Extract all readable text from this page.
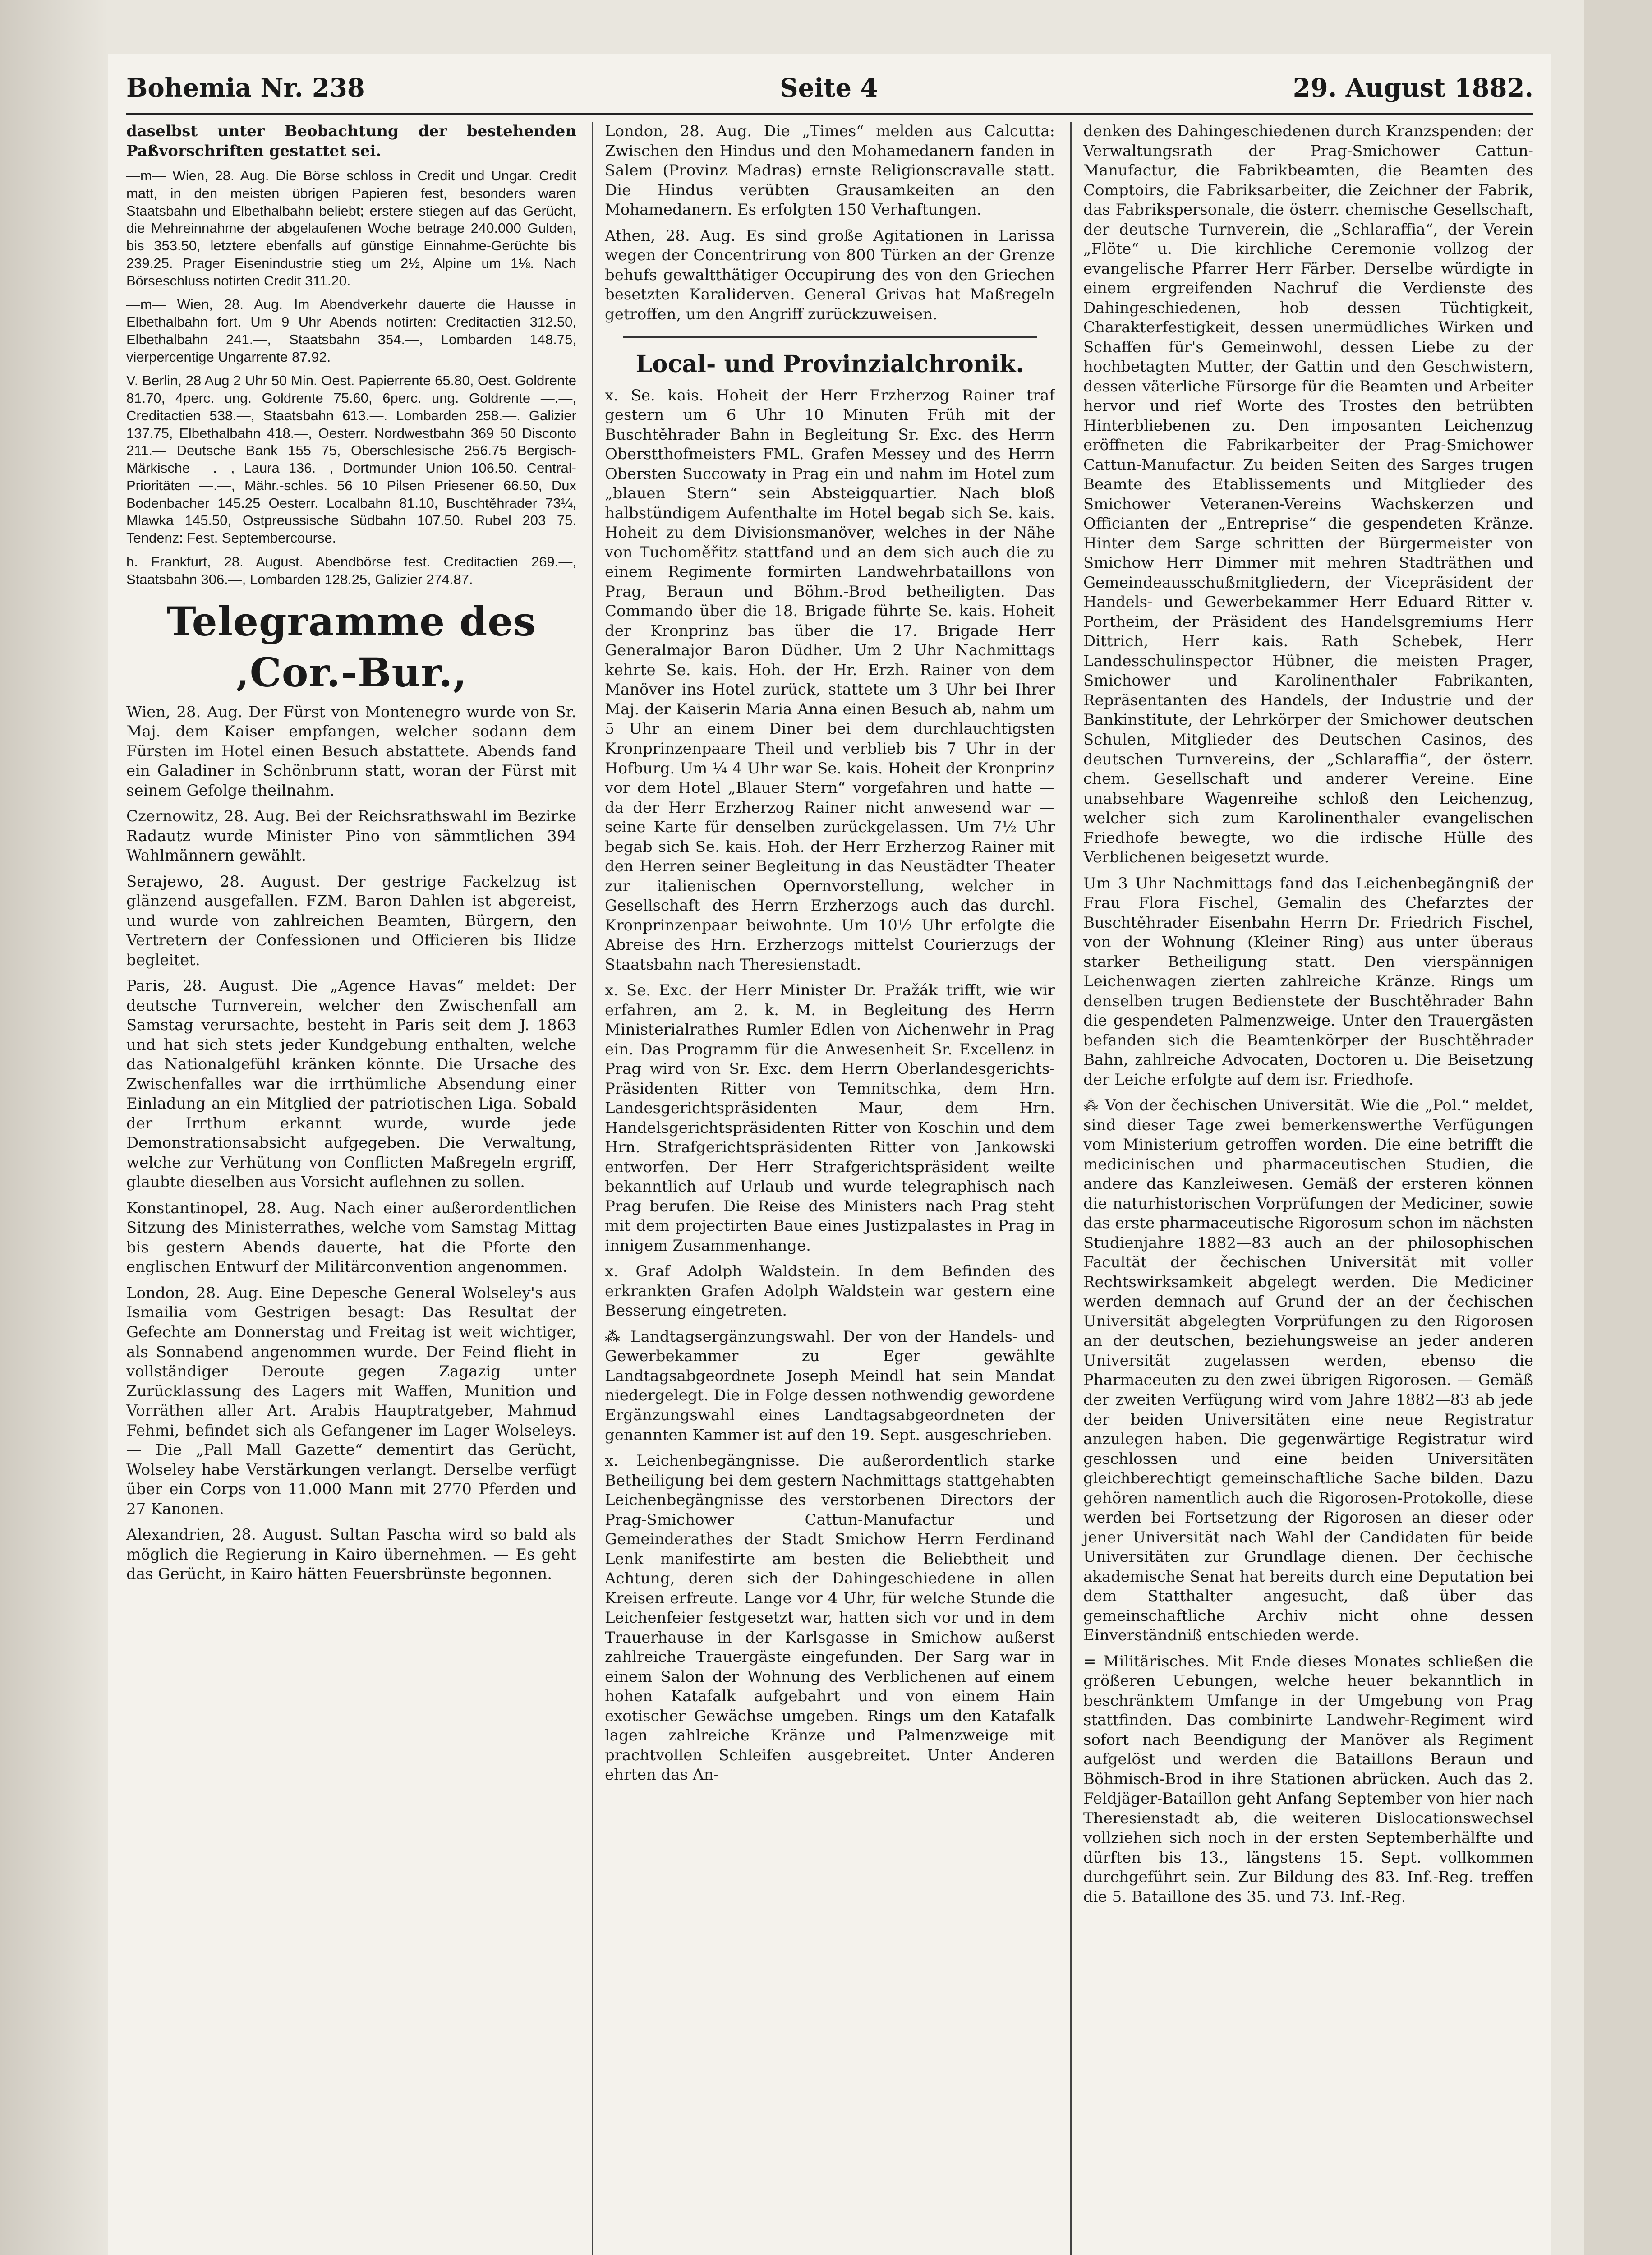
Bohemia Nr. 238	Seite 4	29. August 1882.

daselbst unter Beobachtung der bestehenden Paßvorschriften gestattet sei.

—m— Wien, 28. Aug. Die Börse schloss in Credit und Ungar. Credit matt, in den meisten übrigen Papieren fest, besonders waren Staatsbahn und Elbethalbahn beliebt; erstere stiegen auf das Gerücht, die Mehreinnahme der abgelaufenen Woche betrage 240.000 Gulden, bis 353.50, letztere ebenfalls auf günstige Einnahme-Gerüchte bis 239.25. Prager Eisenindustrie stieg um 2½, Alpine um 1⅛. Nach Börseschluss notirten Credit 311.20.

—m— Wien, 28. Aug. Im Abendverkehr dauerte die Hausse in Elbethalbahn fort. Um 9 Uhr Abends notirten: Creditactien 312.50, Elbethalbahn 241.—, Staatsbahn 354.—, Lombarden 148.75, vierpercentige Ungarrente 87.92.

V. Berlin, 28 Aug 2 Uhr 50 Min. Oest. Papierrente 65.80, Oest. Goldrente 81.70, 4perc. ung. Goldrente 75.60, 6perc. ung. Goldrente —.—, Creditactien 538.—, Staatsbahn 613.—. Lombarden 258.—. Galizier 137.75, Elbethalbahn 418.—, Oesterr. Nordwestbahn 369 50 Disconto 211.— Deutsche Bank 155 75, Oberschlesische 256.75 Bergisch-Märkische —.—, Laura 136.—, Dortmunder Union 106.50. Central-Prioritäten —.—, Mähr.-schles. 56 10 Pilsen Priesener 66.50, Dux Bodenbacher 145.25 Oesterr. Localbahn 81.10, Buschtěhrader 73¼, Mlawka 145.50, Ostpreussische Südbahn 107.50. Rubel 203 75. Tendenz: Fest. Septembercourse.

h. Frankfurt, 28. August. Abendbörse fest. Creditactien 269.—, Staatsbahn 306.—, Lombarden 128.25, Galizier 274.87.

Telegramme des ‚Cor.-Bur.,

Wien, 28. Aug. Der Fürst von Montenegro wurde von Sr. Maj. dem Kaiser empfangen, welcher sodann dem Fürsten im Hotel einen Besuch abstattete. Abends fand ein Galadiner in Schönbrunn statt, woran der Fürst mit seinem Gefolge theilnahm.

Czernowitz, 28. Aug. Bei der Reichsrathswahl im Bezirke Radautz wurde Minister Pino von sämmtlichen 394 Wahlmännern gewählt.

Serajewo, 28. August. Der gestrige Fackelzug ist glänzend ausgefallen. FZM. Baron Dahlen ist abgereist, und wurde von zahlreichen Beamten, Bürgern, den Vertretern der Confessionen und Officieren bis Ilidze begleitet.

Paris, 28. August. Die „Agence Havas“ meldet: Der deutsche Turnverein, welcher den Zwischenfall am Samstag verursachte, besteht in Paris seit dem J. 1863 und hat sich stets jeder Kundgebung enthalten, welche das Nationalgefühl kränken könnte. Die Ursache des Zwischenfalles war die irrthümliche Absendung einer Einladung an ein Mitglied der patriotischen Liga. Sobald der Irrthum erkannt wurde, wurde jede Demonstrationsabsicht aufgegeben. Die Verwaltung, welche zur Verhütung von Conflicten Maßregeln ergriff, glaubte dieselben aus Vorsicht auflehnen zu sollen.

Konstantinopel, 28. Aug. Nach einer außerordentlichen Sitzung des Ministerrathes, welche vom Samstag Mittag bis gestern Abends dauerte, hat die Pforte den englischen Entwurf der Militärconvention angenommen.

London, 28. Aug. Eine Depesche General Wolseley's aus Ismailia vom Gestrigen besagt: Das Resultat der Gefechte am Donnerstag und Freitag ist weit wichtiger, als Sonnabend angenommen wurde. Der Feind flieht in vollständiger Deroute gegen Zagazig unter Zurücklassung des Lagers mit Waffen, Munition und Vorräthen aller Art. Arabis Hauptratgeber, Mahmud Fehmi, befindet sich als Gefangener im Lager Wolseleys. — Die „Pall Mall Gazette“ dementirt das Gerücht, Wolseley habe Verstärkungen verlangt. Derselbe verfügt über ein Corps von 11.000 Mann mit 2770 Pferden und 27 Kanonen.

Alexandrien, 28. August. Sultan Pascha wird so bald als möglich die Regierung in Kairo übernehmen. — Es geht das Gerücht, in Kairo hätten Feuersbrünste begonnen.

London, 28. Aug. Die „Times“ melden aus Calcutta: Zwischen den Hindus und den Mohamedanern fanden in Salem (Provinz Madras) ernste Religionscravalle statt. Die Hindus verübten Grausamkeiten an den Mohamedanern. Es erfolgten 150 Verhaftungen.

Athen, 28. Aug. Es sind große Agitationen in Larissa wegen der Concentrirung von 800 Türken an der Grenze behufs gewaltthätiger Occupirung des von den Griechen besetzten Karaliderven. General Grivas hat Maßregeln getroffen, um den Angriff zurückzuweisen.

Local- und Provinzialchronik.

x. Se. kais. Hoheit der Herr Erzherzog Rainer traf gestern um 6 Uhr 10 Minuten Früh mit der Buschtěhrader Bahn in Begleitung Sr. Exc. des Herrn Oberstthofmeisters FML. Grafen Messey und des Herrn Obersten Succowaty in Prag ein und nahm im Hotel zum „blauen Stern“ sein Absteigquartier. Nach bloß halbstündigem Aufenthalte im Hotel begab sich Se. kais. Hoheit zu dem Divisionsmanöver, welches in der Nähe von Tuchoměřitz stattfand und an dem sich auch die zu einem Regimente formirten Landwehrbataillons von Prag, Beraun und Böhm.-Brod betheiligten. Das Commando über die 18. Brigade führte Se. kais. Hoheit der Kronprinz bas über die 17. Brigade Herr Generalmajor Baron Düdher. Um 2 Uhr Nachmittags kehrte Se. kais. Hoh. der Hr. Erzh. Rainer von dem Manöver ins Hotel zurück, stattete um 3 Uhr bei Ihrer Maj. der Kaiserin Maria Anna einen Besuch ab, nahm um 5 Uhr an einem Diner bei dem durchlauchtigsten Kronprinzenpaare Theil und verblieb bis 7 Uhr in der Hofburg. Um ¼ 4 Uhr war Se. kais. Hoheit der Kronprinz vor dem Hotel „Blauer Stern“ vorgefahren und hatte — da der Herr Erzherzog Rainer nicht anwesend war — seine Karte für denselben zurückgelassen. Um 7½ Uhr begab sich Se. kais. Hoh. der Herr Erzherzog Rainer mit den Herren seiner Begleitung in das Neustädter Theater zur italienischen Opernvorstellung, welcher in Gesellschaft des Herrn Erzherzogs auch das durchl. Kronprinzenpaar beiwohnte. Um 10½ Uhr erfolgte die Abreise des Hrn. Erzherzogs mittelst Courierzugs der Staatsbahn nach Theresienstadt.

x. Se. Exc. der Herr Minister Dr. Pražák trifft, wie wir erfahren, am 2. k. M. in Begleitung des Herrn Ministerialrathes Rumler Edlen von Aichenwehr in Prag ein. Das Programm für die Anwesenheit Sr. Excellenz in Prag wird von Sr. Exc. dem Herrn Oberlandesgerichts-Präsidenten Ritter von Temnitschka, dem Hrn. Landesgerichtspräsidenten Maur, dem Hrn. Handelsgerichtspräsidenten Ritter von Koschin und dem Hrn. Strafgerichtspräsidenten Ritter von Jankowski entworfen. Der Herr Strafgerichtspräsident weilte bekanntlich auf Urlaub und wurde telegraphisch nach Prag berufen. Die Reise des Ministers nach Prag steht mit dem projectirten Baue eines Justizpalastes in Prag in innigem Zusammenhange.

x. Graf Adolph Waldstein. In dem Befinden des erkrankten Grafen Adolph Waldstein war gestern eine Besserung eingetreten.

⁂ Landtagsergänzungswahl. Der von der Handels- und Gewerbekammer zu Eger gewählte Landtagsabgeordnete Joseph Meindl hat sein Mandat niedergelegt. Die in Folge dessen nothwendig gewordene Ergänzungswahl eines Landtagsabgeordneten der genannten Kammer ist auf den 19. Sept. ausgeschrieben.

x. Leichenbegängnisse. Die außerordentlich starke Betheiligung bei dem gestern Nachmittags stattgehabten Leichenbegängnisse des verstorbenen Directors der Prag-Smichower Cattun-Manufactur und Gemeinderathes der Stadt Smichow Herrn Ferdinand Lenk manifestirte am besten die Beliebtheit und Achtung, deren sich der Dahingeschiedene in allen Kreisen erfreute. Lange vor 4 Uhr, für welche Stunde die Leichenfeier festgesetzt war, hatten sich vor und in dem Trauerhause in der Karlsgasse in Smichow außerst zahlreiche Trauergäste eingefunden. Der Sarg war in einem Salon der Wohnung des Verblichenen auf einem hohen Katafalk aufgebahrt und von einem Hain exotischer Gewächse umgeben. Rings um den Katafalk lagen zahlreiche Kränze und Palmenzweige mit prachtvollen Schleifen ausgebreitet. Unter Anderen ehrten das An-

denken des Dahingeschiedenen durch Kranzspenden: der Verwaltungsrath der Prag-Smichower Cattun-Manufactur, die Fabrikbeamten, die Beamten des Comptoirs, die Fabriksarbeiter, die Zeichner der Fabrik, das Fabrikspersonale, die österr. chemische Gesellschaft, der deutsche Turnverein, die „Schlaraffia“, der Verein „Flöte“ u. Die kirchliche Ceremonie vollzog der evangelische Pfarrer Herr Färber. Derselbe würdigte in einem ergreifenden Nachruf die Verdienste des Dahingeschiedenen, hob dessen Tüchtigkeit, Charakterfestigkeit, dessen unermüdliches Wirken und Schaffen für's Gemeinwohl, dessen Liebe zu der hochbetagten Mutter, der Gattin und den Geschwistern, dessen väterliche Fürsorge für die Beamten und Arbeiter hervor und rief Worte des Trostes den betrübten Hinterbliebenen zu. Den imposanten Leichenzug eröffneten die Fabrikarbeiter der Prag-Smichower Cattun-Manufactur. Zu beiden Seiten des Sarges trugen Beamte des Etablissements und Mitglieder des Smichower Veteranen-Vereins Wachskerzen und Officianten der „Entreprise“ die gespendeten Kränze. Hinter dem Sarge schritten der Bürgermeister von Smichow Herr Dimmer mit mehren Stadträthen und Gemeindeausschußmitgliedern, der Vicepräsident der Handels- und Gewerbekammer Herr Eduard Ritter v. Portheim, der Präsident des Handelsgremiums Herr Dittrich, Herr kais. Rath Schebek, Herr Landesschulinspector Hübner, die meisten Prager, Smichower und Karolinenthaler Fabrikanten, Repräsentanten des Handels, der Industrie und der Bankinstitute, der Lehrkörper der Smichower deutschen Schulen, Mitglieder des Deutschen Casinos, des deutschen Turnvereins, der „Schlaraffia“, der österr. chem. Gesellschaft und anderer Vereine. Eine unabsehbare Wagenreihe schloß den Leichenzug, welcher sich zum Karolinenthaler evangelischen Friedhofe bewegte, wo die irdische Hülle des Verblichenen beigesetzt wurde.

Um 3 Uhr Nachmittags fand das Leichenbegängniß der Frau Flora Fischel, Gemalin des Chefarztes der Buschtěhrader Eisenbahn Herrn Dr. Friedrich Fischel, von der Wohnung (Kleiner Ring) aus unter überaus starker Betheiligung statt. Den vierspännigen Leichenwagen zierten zahlreiche Kränze. Rings um denselben trugen Bedienstete der Buschtěhrader Bahn die gespendeten Palmenzweige. Unter den Trauergästen befanden sich die Beamtenkörper der Buschtěhrader Bahn, zahlreiche Advocaten, Doctoren u. Die Beisetzung der Leiche erfolgte auf dem isr. Friedhofe.

⁂ Von der čechischen Universität. Wie die „Pol.“ meldet, sind dieser Tage zwei bemerkenswerthe Verfügungen vom Ministerium getroffen worden. Die eine betrifft die medicinischen und pharmaceutischen Studien, die andere das Kanzleiwesen. Gemäß der ersteren können die naturhistorischen Vorprüfungen der Mediciner, sowie das erste pharmaceutische Rigorosum schon im nächsten Studienjahre 1882—83 auch an der philosophischen Facultät der čechischen Universität mit voller Rechtswirksamkeit abgelegt werden. Die Mediciner werden demnach auf Grund der an der čechischen Universität abgelegten Vorprüfungen zu den Rigorosen an der deutschen, beziehungsweise an jeder anderen Universität zugelassen werden, ebenso die Pharmaceuten zu den zwei übrigen Rigorosen. — Gemäß der zweiten Verfügung wird vom Jahre 1882—83 ab jede der beiden Universitäten eine neue Registratur anzulegen haben. Die gegenwärtige Registratur wird geschlossen und eine beiden Universitäten gleichberechtigt gemeinschaftliche Sache bilden. Dazu gehören namentlich auch die Rigorosen-Protokolle, diese werden bei Fortsetzung der Rigorosen an dieser oder jener Universität nach Wahl der Candidaten für beide Universitäten zur Grundlage dienen. Der čechische akademische Senat hat bereits durch eine Deputation bei dem Statthalter angesucht, daß über das gemeinschaftliche Archiv nicht ohne dessen Einverständniß entschieden werde.

= Militärisches. Mit Ende dieses Monates schließen die größeren Uebungen, welche heuer bekanntlich in beschränktem Umfange in der Umgebung von Prag stattfinden. Das combinirte Landwehr-Regiment wird sofort nach Beendigung der Manöver als Regiment aufgelöst und werden die Bataillons Beraun und Böhmisch-Brod in ihre Stationen abrücken. Auch das 2. Feldjäger-Bataillon geht Anfang September von hier nach Theresienstadt ab, die weiteren Dislocationswechsel vollziehen sich noch in der ersten Septemberhälfte und dürften bis 13., längstens 15. Sept. vollkommen durchgeführt sein. Zur Bildung des 83. Inf.-Reg. treffen die 5. Bataillone des 35. und 73. Inf.-Reg.
